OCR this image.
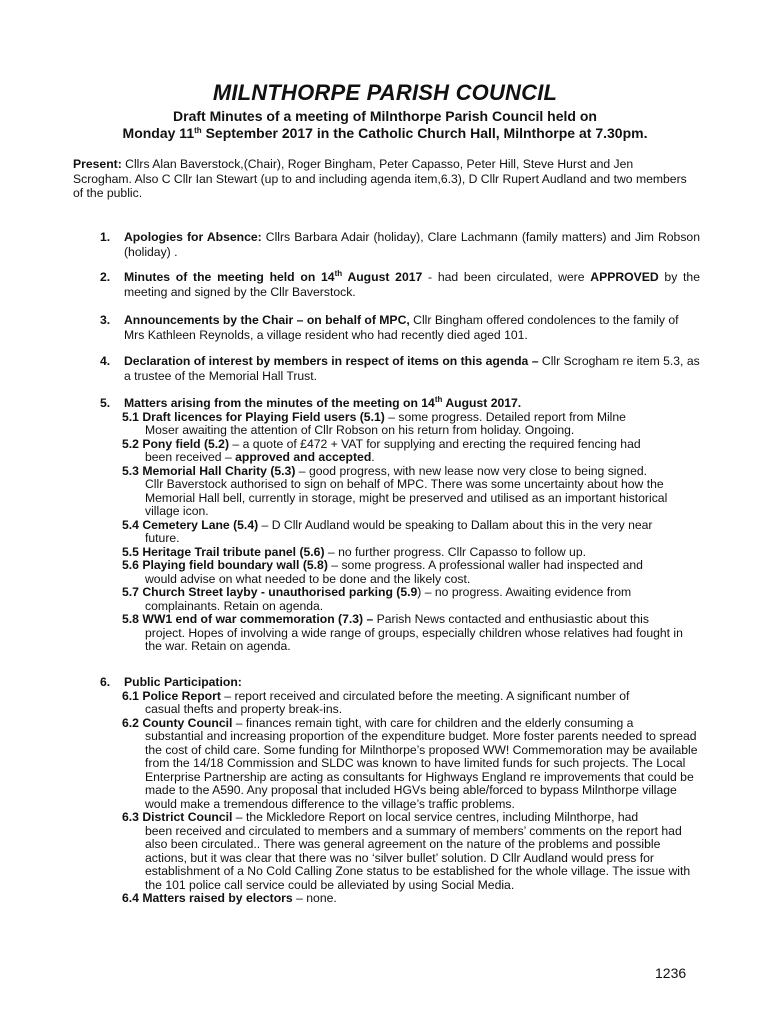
MILNTHORPE PARISH COUNCIL
Draft Minutes of a meeting of Milnthorpe Parish Council held on
Monday 11th September 2017 in the Catholic Church Hall, Milnthorpe at 7.30pm.
Present: Cllrs Alan Baverstock,(Chair), Roger Bingham, Peter Capasso, Peter Hill, Steve Hurst and Jen Scrogham. Also C Cllr Ian Stewart (up to and including agenda item,6.3), D Cllr Rupert Audland and two members of the public.
1.	Apologies for Absence: Cllrs Barbara Adair (holiday), Clare Lachmann (family matters) and Jim Robson (holiday) .
2.	Minutes of the meeting held on 14th August 2017 - had been circulated, were APPROVED by the meeting and signed by the Cllr Baverstock.
3.	Announcements by the Chair – on behalf of MPC, Cllr Bingham offered condolences to the family of Mrs Kathleen Reynolds, a village resident who had recently died aged 101.
4.	Declaration of interest by members in respect of items on this agenda – Cllr Scrogham re item 5.3, as a trustee of the Memorial Hall Trust.
5.	Matters arising from the minutes of the meeting on 14th August 2017.
5.1 Draft licences for Playing Field users (5.1) – some progress. Detailed report from Milne
Moser awaiting the attention of Cllr Robson on his return from holiday. Ongoing.
5.2 Pony field (5.2) – a quote of £472 + VAT for supplying and erecting the required fencing had
been received – approved and accepted.
5.3 Memorial Hall Charity (5.3) – good progress, with new lease now very close to being signed.
Cllr Baverstock authorised to sign on behalf of MPC. There was some uncertainty about how the Memorial Hall bell, currently in storage, might be preserved and utilised as an important historical village icon.
5.4 Cemetery Lane (5.4) – D Cllr Audland would be speaking to Dallam about this in the very near
future.
5.5 Heritage Trail tribute panel (5.6) – no further progress. Cllr Capasso to follow up.
5.6 Playing field boundary wall (5.8) – some progress. A professional waller had inspected and
would advise on what needed to be done and the likely cost.
5.7 Church Street layby - unauthorised parking (5.9) – no progress. Awaiting evidence from
complainants. Retain on agenda.
5.8 WW1 end of war commemoration (7.3) – Parish News contacted and enthusiastic about this
project. Hopes of involving a wide range of groups, especially children whose relatives had fought in the war. Retain on agenda.
6.	Public Participation:
6.1 Police Report – report received and circulated before the meeting. A significant number of
casual thefts and property break-ins.
6.2 County Council – finances remain tight, with care for children and the elderly consuming a
substantial and increasing proportion of the expenditure budget. More foster parents needed to spread the cost of child care. Some funding for Milnthorpe’s proposed WW! Commemoration may be available from the 14/18 Commission and SLDC was known to have limited funds for such projects. The Local Enterprise Partnership are acting as consultants for Highways England re improvements that could be made to the A590. Any proposal that included HGVs being able/forced to bypass Milnthorpe village would make a tremendous difference to the village’s traffic problems.
6.3 District Council – the Mickledore Report on local service centres, including Milnthorpe, had
been received and circulated to members and a summary of members’ comments on the report had also been circulated.. There was general agreement on the nature of the problems and possible actions, but it was clear that there was no ‘silver bullet’ solution. D Cllr Audland would press for establishment of a No Cold Calling Zone status to be established for the whole village. The issue with the 101 police call service could be alleviated by using Social Media.
6.4 Matters raised by electors – none.
1236
